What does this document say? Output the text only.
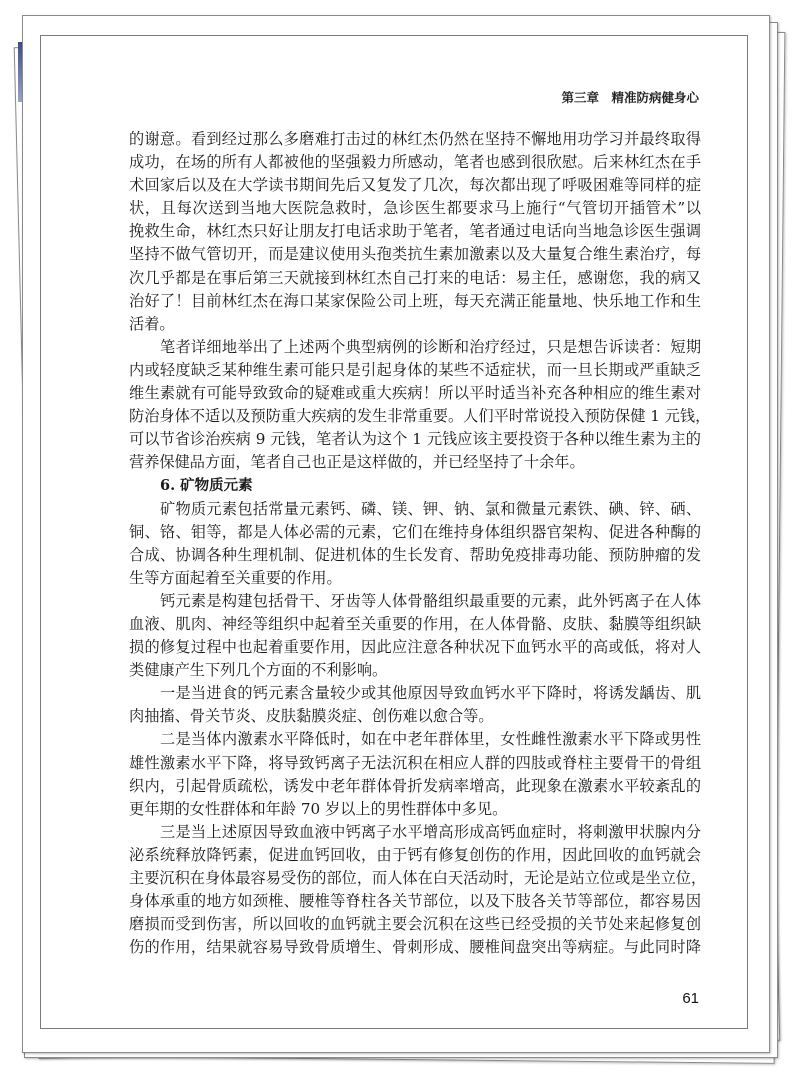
第三章　精准防病健身心
的谢意。看到经过那么多磨难打击过的林红杰仍然在坚持不懈地用功学习并最终取得
成功，在场的所有人都被他的坚强毅力所感动，笔者也感到很欣慰。后来林红杰在手
术回家后以及在大学读书期间先后又复发了几次，每次都出现了呼吸困难等同样的症
状，且每次送到当地大医院急救时，急诊医生都要求马上施行“气管切开插管术”以
挽救生命，林红杰只好让朋友打电话求助于笔者，笔者通过电话向当地急诊医生强调
坚持不做气管切开，而是建议使用头孢类抗生素加激素以及大量复合维生素治疗，每
次几乎都是在事后第三天就接到林红杰自己打来的电话：易主任，感谢您，我的病又
治好了！目前林红杰在海口某家保险公司上班，每天充满正能量地、快乐地工作和生
活着。
笔者详细地举出了上述两个典型病例的诊断和治疗经过，只是想告诉读者：短期
内或轻度缺乏某种维生素可能只是引起身体的某些不适症状，而一旦长期或严重缺乏
维生素就有可能导致致命的疑难或重大疾病！所以平时适当补充各种相应的维生素对
防治身体不适以及预防重大疾病的发生非常重要。人们平时常说投入预防保健 1 元钱，
可以节省诊治疾病 9 元钱，笔者认为这个 1 元钱应该主要投资于各种以维生素为主的
营养保健品方面，笔者自己也正是这样做的，并已经坚持了十余年。
6. 矿物质元素
矿物质元素包括常量元素钙、磷、镁、钾、钠、氯和微量元素铁、碘、锌、硒、
铜、铬、钼等，都是人体必需的元素，它们在维持身体组织器官架构、促进各种酶的
合成、协调各种生理机制、促进机体的生长发育、帮助免疫排毒功能、预防肿瘤的发
生等方面起着至关重要的作用。
钙元素是构建包括骨干、牙齿等人体骨骼组织最重要的元素，此外钙离子在人体
血液、肌肉、神经等组织中起着至关重要的作用，在人体骨骼、皮肤、黏膜等组织缺
损的修复过程中也起着重要作用，因此应注意各种状况下血钙水平的高或低，将对人
类健康产生下列几个方面的不利影响。
一是当进食的钙元素含量较少或其他原因导致血钙水平下降时，将诱发龋齿、肌
肉抽搐、骨关节炎、皮肤黏膜炎症、创伤难以愈合等。
二是当体内激素水平降低时，如在中老年群体里，女性雌性激素水平下降或男性
雄性激素水平下降，将导致钙离子无法沉积在相应人群的四肢或脊柱主要骨干的骨组
织内，引起骨质疏松，诱发中老年群体骨折发病率增高，此现象在激素水平较紊乱的
更年期的女性群体和年龄 70 岁以上的男性群体中多见。
三是当上述原因导致血液中钙离子水平增高形成高钙血症时，将刺激甲状腺内分
泌系统释放降钙素，促进血钙回收，由于钙有修复创伤的作用，因此回收的血钙就会
主要沉积在身体最容易受伤的部位，而人体在白天活动时，无论是站立位或是坐立位，
身体承重的地方如颈椎、腰椎等脊柱各关节部位，以及下肢各关节等部位，都容易因
磨损而受到伤害，所以回收的血钙就主要会沉积在这些已经受损的关节处来起修复创
伤的作用，结果就容易导致骨质增生、骨刺形成、腰椎间盘突出等病症。与此同时降
61
